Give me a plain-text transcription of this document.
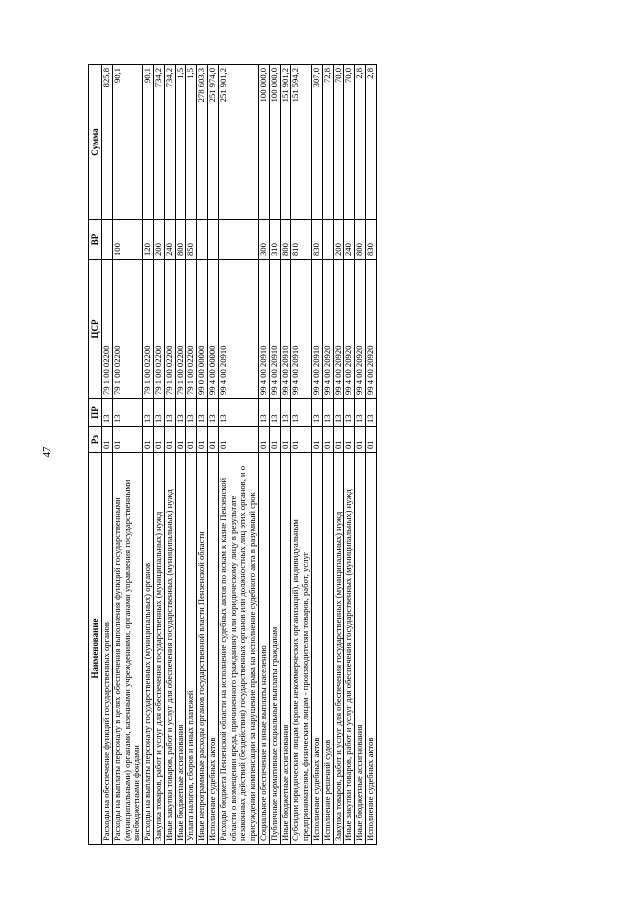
47
Наименование	Рз	ПР	ЦСР	ВР	Сумма
Расходы на обеспечение функций государственных органов	01	13	79 1 00 02200		825,8
Расходы на выплаты персоналу в целях обеспечения выполнения функций государственными (муниципальными) органами, казенными учреждениями, органами управления государственными внебюджетными фондами	01	13	79 1 00 02200	100	90,1
Расходы на выплаты персоналу государственных (муниципальных) органов	01	13	79 1 00 02200	120	90,1
Закупка товаров, работ и услуг для обеспечения государственных (муниципальных) нужд	01	13	79 1 00 02200	200	734,2
Иные закупки товаров, работ и услуг для обеспечения государственных (муниципальных) нужд	01	13	79 1 00 02200	240	734,2
Иные бюджетные ассигнования	01	13	79 1 00 02200	800	1,5
Уплата налогов, сборов и иных платежей	01	13	79 1 00 02200	850	1,5
Иные непрограммные расходы органов государственной власти Пензенской области	01	13	99 0 00 00000		278 603,3
Исполнение судебных актов	01	13	99 4 00 00000		251 974,0
Расходы бюджета Пензенской области на исполнение судебных актов по искам к казне Пензенской области о возмещении вреда, причиненного гражданину или юридическому лицу в результате незаконных действий (бездействия) государственных органов или должностных лиц этих органов, и о присуждении компенсации за нарушение права на исполнение судебного акта в разумный срок	01	13	99 4 00 20910		251 901,2
Социальное обеспечение и иные выплаты населению	01	13	99 4 00 20910	300	100 000,0
Публичные нормативные социальные выплаты гражданам	01	13	99 4 00 20910	310	100 000,0
Иные бюджетные ассигнования	01	13	99 4 00 20910	800	151 901,2
Субсидии юридическим лицам (кроме некоммерческих организаций), индивидуальным предпринимателям, физическим лицам - производителям товаров, работ, услуг	01	13	99 4 00 20910	810	151 594,2
Исполнение судебных актов	01	13	99 4 00 20910	830	307,0
Исполнение решений судов	01	13	99 4 00 20920		72,8
Закупка товаров, работ и услуг для обеспечения государственных (муниципальных) нужд	01	13	99 4 00 20920	200	70,0
Иные закупки товаров, работ и услуг для обеспечения государственных (муниципальных) нужд	01	13	99 4 00 20920	240	70,0
Иные бюджетные ассигнования	01	13	99 4 00 20920	800	2,8
Исполнение судебных актов	01	13	99 4 00 20920	830	2,8
